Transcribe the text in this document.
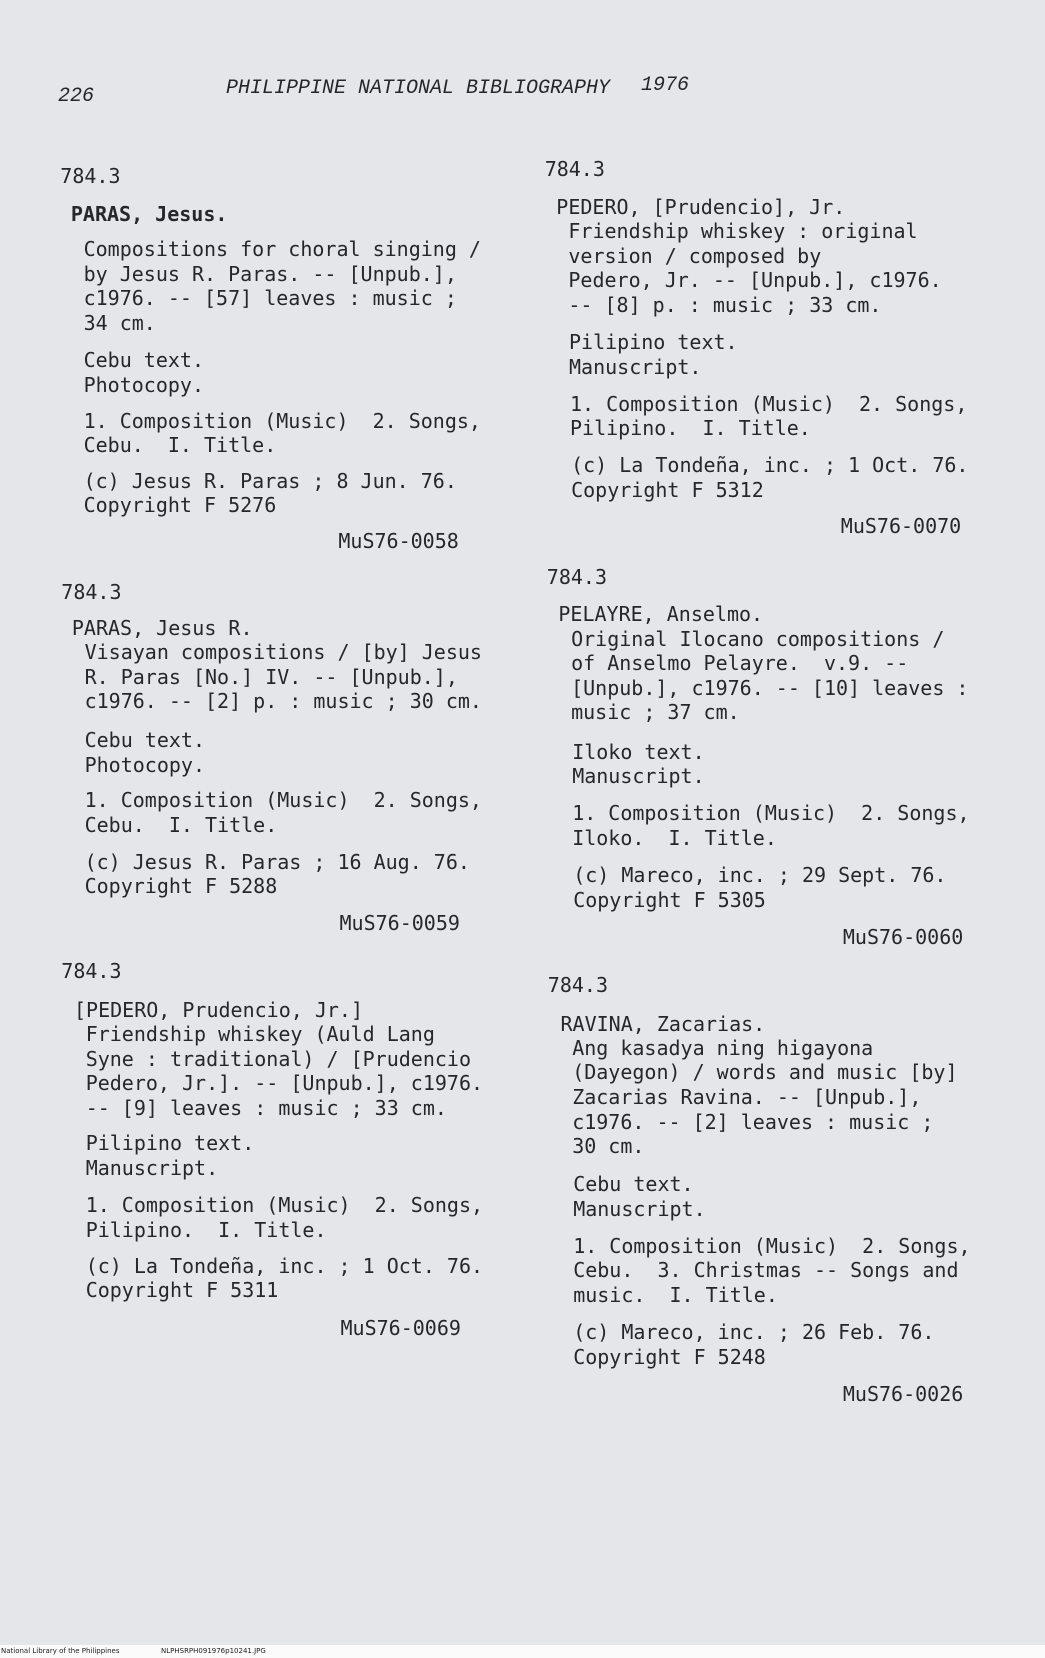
226	PHILIPPINE NATIONAL BIBLIOGRAPHY 1976
784.3
PARAS, Jesus.
Compositions for choral singing /
by Jesus R. Paras. -- [Unpub.],
c1976. -- [57] leaves : music ;
34 cm.
Cebu text.
Photocopy.
1. Composition (Music)  2. Songs,
Cebu.  I. Title.
(c) Jesus R. Paras ; 8 Jun. 76.
Copyright F 5276
MuS76-0058
784.3
PARAS, Jesus R.
Visayan compositions / [by] Jesus
R. Paras [No.] IV. -- [Unpub.],
c1976. -- [2] p. : music ; 30 cm.
Cebu text.
Photocopy.
1. Composition (Music)  2. Songs,
Cebu.  I. Title.
(c) Jesus R. Paras ; 16 Aug. 76.
Copyright F 5288
MuS76-0059
784.3
[PEDERO, Prudencio, Jr.]
Friendship whiskey (Auld Lang
Syne : traditional) / [Prudencio
Pedero, Jr.]. -- [Unpub.], c1976.
-- [9] leaves : music ; 33 cm.
Pilipino text.
Manuscript.
1. Composition (Music)  2. Songs,
Pilipino.  I. Title.
(c) La Tondeña, inc. ; 1 Oct. 76.
Copyright F 5311
MuS76-0069
784.3
PEDERO, [Prudencio], Jr.
Friendship whiskey : original
version / composed by
Pedero, Jr. -- [Unpub.], c1976.
-- [8] p. : music ; 33 cm.
Pilipino text.
Manuscript.
1. Composition (Music)  2. Songs,
Pilipino.  I. Title.
(c) La Tondeña, inc. ; 1 Oct. 76.
Copyright F 5312
MuS76-0070
784.3
PELAYRE, Anselmo.
Original Ilocano compositions /
of Anselmo Pelayre.  v.9. --
[Unpub.], c1976. -- [10] leaves :
music ; 37 cm.
Iloko text.
Manuscript.
1. Composition (Music)  2. Songs,
Iloko.  I. Title.
(c) Mareco, inc. ; 29 Sept. 76.
Copyright F 5305
MuS76-0060
784.3
RAVINA, Zacarias.
Ang kasadya ning higayona
(Dayegon) / words and music [by]
Zacarias Ravina. -- [Unpub.],
c1976. -- [2] leaves : music ;
30 cm.
Cebu text.
Manuscript.
1. Composition (Music)  2. Songs,
Cebu.  3. Christmas -- Songs and
music.  I. Title.
(c) Mareco, inc. ; 26 Feb. 76.
Copyright F 5248
MuS76-0026
National Library of the Philippines	NLPHSRPH091976p10241.JPG
